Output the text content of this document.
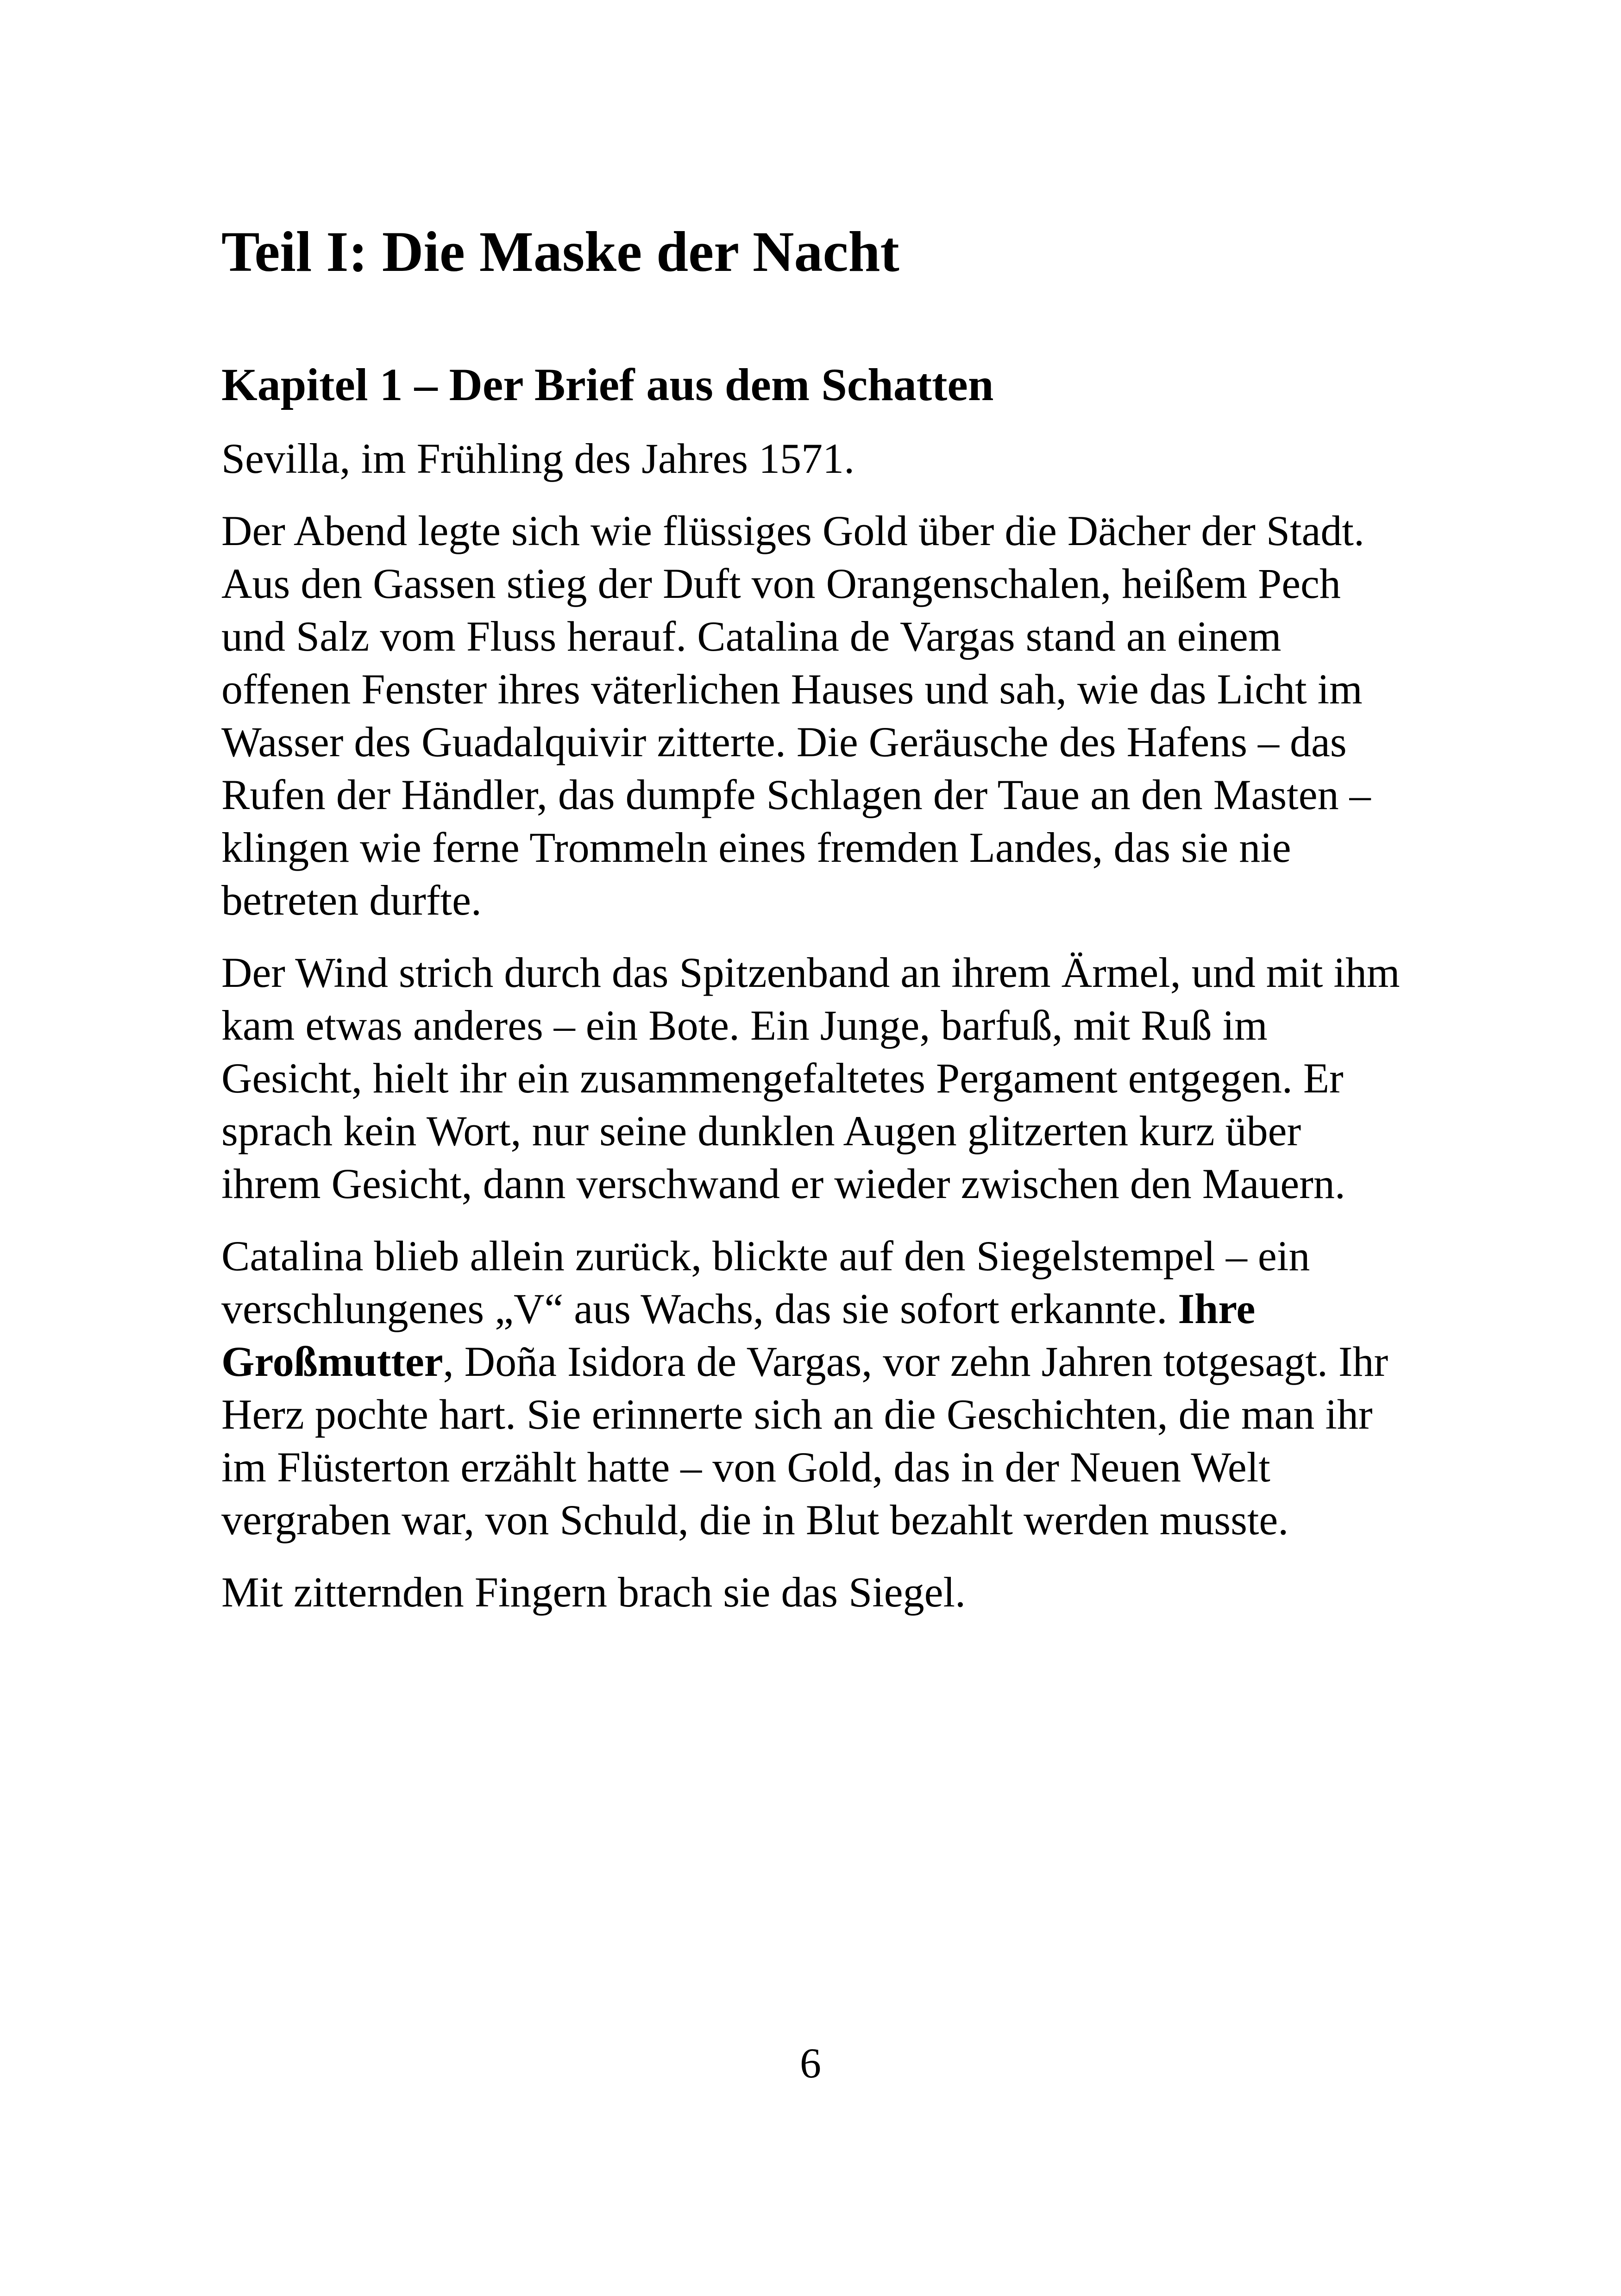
Teil I: Die Maske der Nacht
Kapitel 1 – Der Brief aus dem Schatten

Sevilla, im Frühling des Jahres 1571.

Der Abend legte sich wie flüssiges Gold über die Dächer der Stadt. Aus den Gassen stieg der Duft von Orangenschalen, heißem Pech und Salz vom Fluss herauf. Catalina de Vargas stand an einem offenen Fenster ihres väterlichen Hauses und sah, wie das Licht im Wasser des Guadalquivir zitterte. Die Geräusche des Hafens – das Rufen der Händler, das dumpfe Schlagen der Taue an den Masten – klingen wie ferne Trommeln eines fremden Landes, das sie nie betreten durfte.

Der Wind strich durch das Spitzenband an ihrem Ärmel, und mit ihm kam etwas anderes – ein Bote. Ein Junge, barfuß, mit Ruß im Gesicht, hielt ihr ein zusammengefaltetes Pergament entgegen. Er sprach kein Wort, nur seine dunklen Augen glitzerten kurz über ihrem Gesicht, dann verschwand er wieder zwischen den Mauern.

Catalina blieb allein zurück, blickte auf den Siegelstempel – ein verschlungenes „V“ aus Wachs, das sie sofort erkannte. Ihre Großmutter, Doña Isidora de Vargas, vor zehn Jahren totgesagt. Ihr Herz pochte hart. Sie erinnerte sich an die Geschichten, die man ihr im Flüsterton erzählt hatte – von Gold, das in der Neuen Welt vergraben war, von Schuld, die in Blut bezahlt werden musste.

Mit zitternden Fingern brach sie das Siegel.

6
